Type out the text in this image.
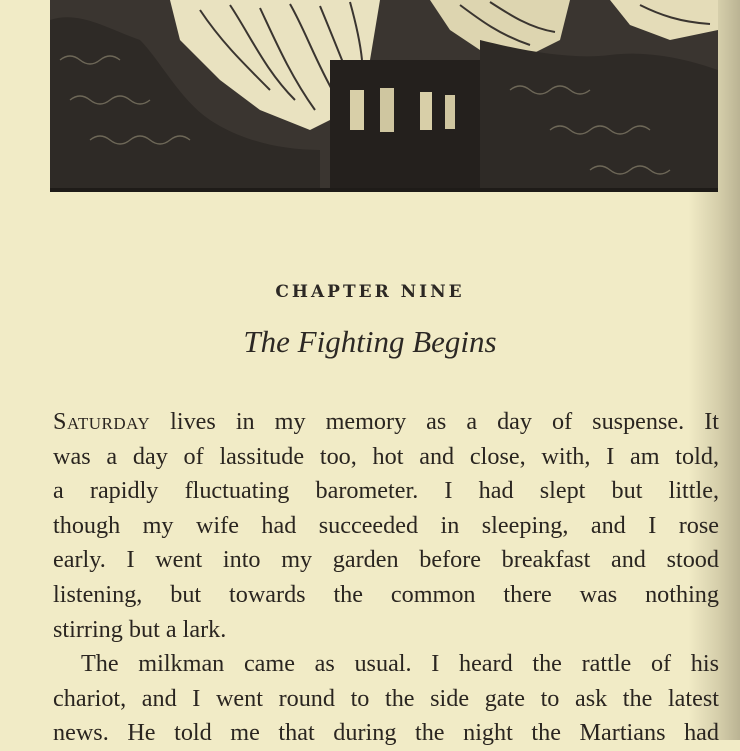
CHAPTER NINE
The Fighting Begins
Saturday lives in my memory as a day of suspense. It
was a day of lassitude too, hot and close, with, I am told,
a rapidly fluctuating barometer. I had slept but little,
though my wife had succeeded in sleeping, and I rose
early. I went into my garden before breakfast and stood
listening, but towards the common there was nothing
stirring but a lark.
The milkman came as usual. I heard the rattle of his
chariot, and I went round to the side gate to ask the latest
news. He told me that during the night the Martians had
